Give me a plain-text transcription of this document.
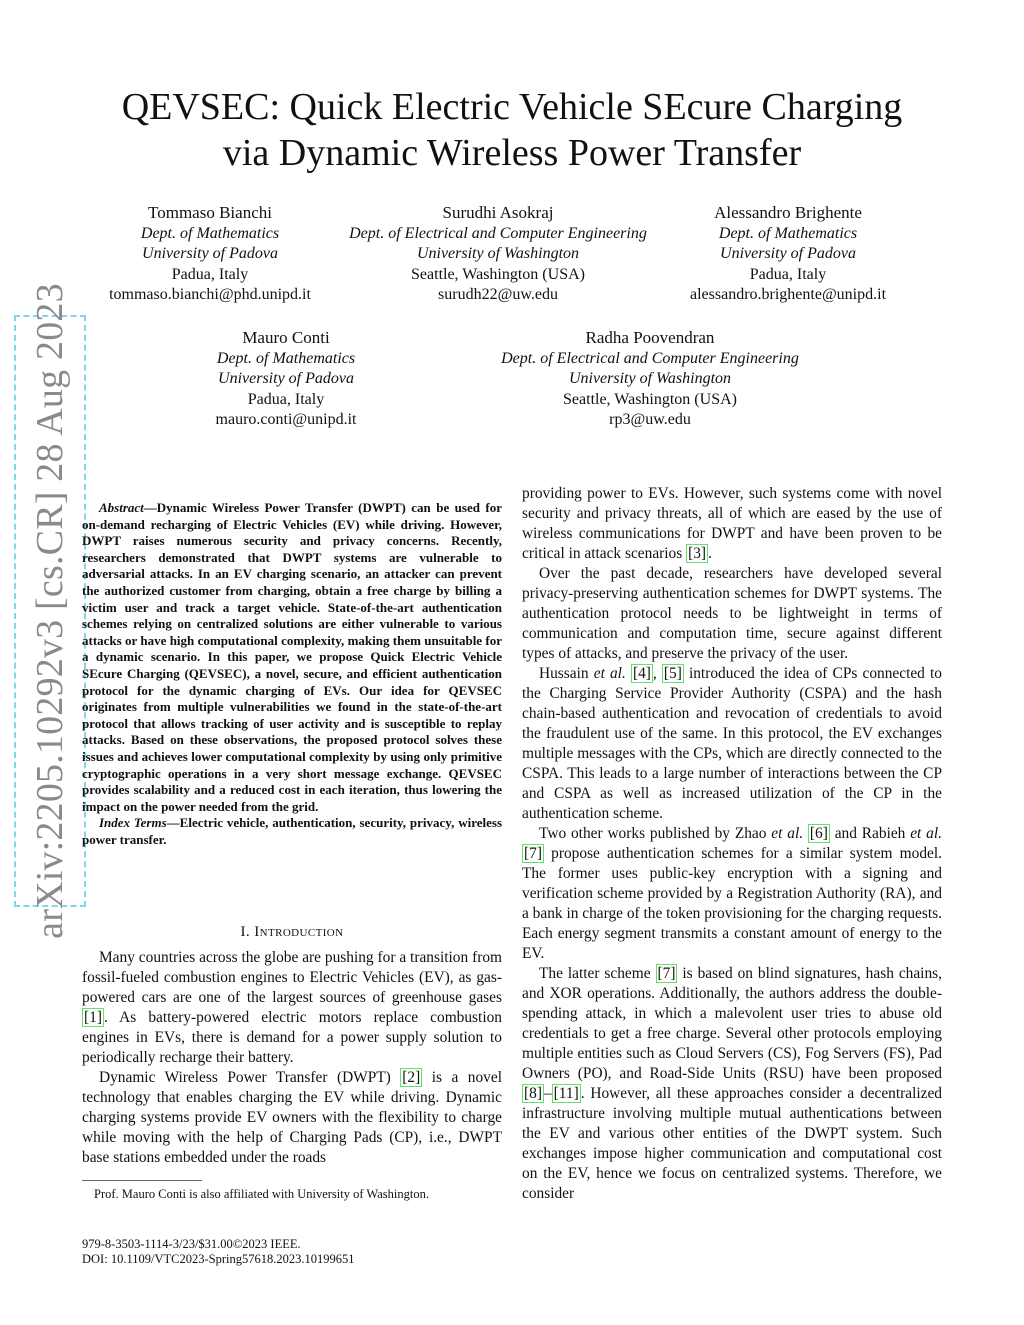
arXiv:2205.10292v3 [cs.CR] 28 Aug 2023
QEVSEC: Quick Electric Vehicle SEcure Charging
via Dynamic Wireless Power Transfer
Tommaso Bianchi
Dept. of Mathematics
University of Padova
Padua, Italy
tommaso.bianchi@phd.unipd.it
Surudhi Asokraj
Dept. of Electrical and Computer Engineering
University of Washington
Seattle, Washington (USA)
surudh22@uw.edu
Alessandro Brighente
Dept. of Mathematics
University of Padova
Padua, Italy
alessandro.brighente@unipd.it
Mauro Conti
Dept. of Mathematics
University of Padova
Padua, Italy
mauro.conti@unipd.it
Radha Poovendran
Dept. of Electrical and Computer Engineering
University of Washington
Seattle, Washington (USA)
rp3@uw.edu
Abstract—Dynamic Wireless Power Transfer (DWPT) can be used for on-demand recharging of Electric Vehicles (EV) while driving. However, DWPT raises numerous security and privacy concerns. Recently, researchers demonstrated that DWPT systems are vulnerable to adversarial attacks. In an EV charging scenario, an attacker can prevent the authorized customer from charging, obtain a free charge by billing a victim user and track a target vehicle. State-of-the-art authentication schemes relying on centralized solutions are either vulnerable to various attacks or have high computational complexity, making them unsuitable for a dynamic scenario. In this paper, we propose Quick Electric Vehicle SEcure Charging (QEVSEC), a novel, secure, and efficient authentication protocol for the dynamic charging of EVs. Our idea for QEVSEC originates from multiple vulnerabilities we found in the state-of-the-art protocol that allows tracking of user activity and is susceptible to replay attacks. Based on these observations, the proposed protocol solves these issues and achieves lower computational complexity by using only primitive cryptographic operations in a very short message exchange. QEVSEC provides scalability and a reduced cost in each iteration, thus lowering the impact on the power needed from the grid.
Index Terms—Electric vehicle, authentication, security, privacy, wireless power transfer.
I. Introduction

Many countries across the globe are pushing for a transition from fossil-fueled combustion engines to Electric Vehicles (EV), as gas-powered cars are one of the largest sources of greenhouse gases [1] . As battery-powered electric motors replace combustion engines in EVs, there is demand for a power supply solution to periodically recharge their battery.

Dynamic Wireless Power Transfer (DWPT) [2] is a novel technology that enables charging the EV while driving. Dynamic charging systems provide EV owners with the flexibility to charge while moving with the help of Charging Pads (CP), i.e., DWPT base stations embedded under the roads

providing power to EVs. However, such systems come with novel security and privacy threats, all of which are eased by the use of wireless communications for DWPT and have been proven to be critical in attack scenarios [3] .

Over the past decade, researchers have developed several privacy-preserving authentication schemes for DWPT systems. The authentication protocol needs to be lightweight in terms of communication and computation time, secure against different types of attacks, and preserve the privacy of the user.

Hussain et al. [4] , [5] introduced the idea of CPs connected to the Charging Service Provider Authority (CSPA) and the hash chain-based authentication and revocation of credentials to avoid the fraudulent use of the same. In this protocol, the EV exchanges multiple messages with the CPs, which are directly connected to the CSPA. This leads to a large number of interactions between the CP and CSPA as well as increased utilization of the CP in the authentication scheme.

Two other works published by Zhao et al. [6] and Rabieh et al. [7] propose authentication schemes for a similar system model. The former uses public-key encryption with a signing and verification scheme provided by a Registration Authority (RA), and a bank in charge of the token provisioning for the charging requests. Each energy segment transmits a constant amount of energy to the EV.

The latter scheme [7] is based on blind signatures, hash chains, and XOR operations. Additionally, the authors address the double-spending attack, in which a malevolent user tries to abuse old credentials to get a free charge. Several other protocols employing multiple entities such as Cloud Servers (CS), Fog Servers (FS), Pad Owners (PO), and Road-Side Units (RSU) have been proposed [8] – [11] . However, all these approaches consider a decentralized infrastructure involving multiple mutual authentications between the EV and various other entities of the DWPT system. Such exchanges impose higher communication and computational cost on the EV, hence we focus on centralized systems. Therefore, we consider

Prof. Mauro Conti is also affiliated with University of Washington.
979-8-3503-1114-3/23/$31.00©2023 IEEE.
DOI: 10.1109/VTC2023-Spring57618.2023.10199651
